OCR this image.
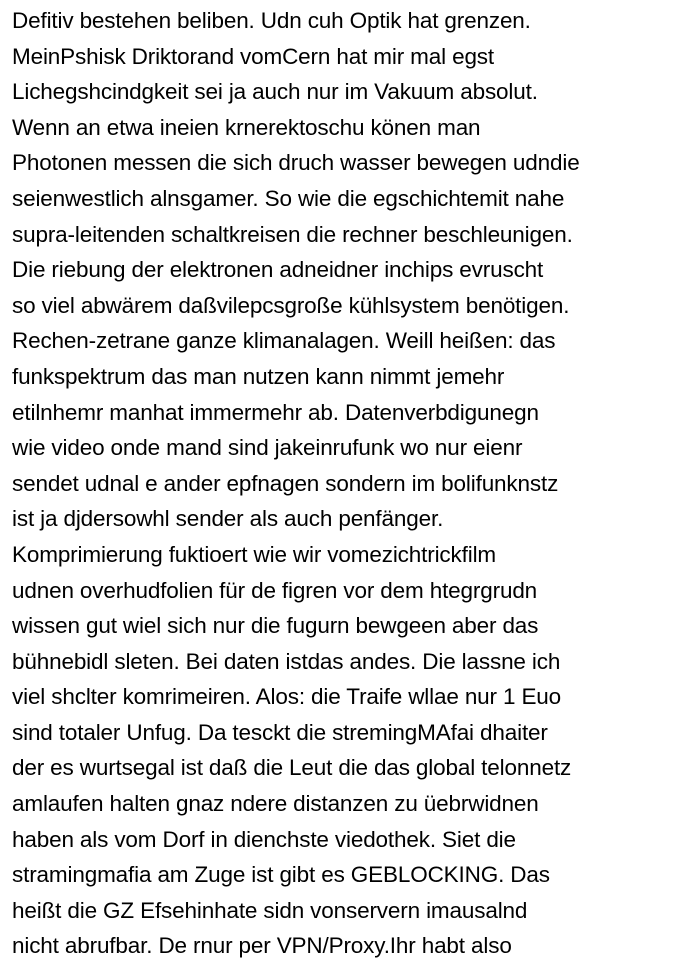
Defitiv bestehen beliben. Udn cuh Optik hat grenzen.
MeinPshisk Driktorand vomCern hat mir mal egst
Lichegshcindgkeit sei ja auch nur im Vakuum absolut.
Wenn an etwa ineien krnerektoschu könen man
Photonen messen die sich druch wasser bewegen udndie
seienwestlich alnsgamer. So wie die egschichtemit nahe
supra-leitenden schaltkreisen die rechner beschleunigen.
Die riebung der elektronen adneidner inchips evruscht
so viel abwärem daßvilepcsgroße kühlsystem benötigen.
Rechen-zetrane ganze klimanalagen. Weill heißen: das
funkspektrum das man nutzen kann nimmt jemehr
etilnhemr manhat immermehr ab. Datenverbdigunegn
wie video onde mand sind jakeinrufunk wo nur eienr
sendet udnal e ander epfnagen sondern im bolifunknstz
ist ja djdersowhl sender als auch penfänger.
Komprimierung fuktioert wie wir vomezichtrickfilm
udnen overhudfolien für de figren vor dem htegrgrudn
wissen gut wiel sich nur die fugurn bewgeen aber das
bühnebidl sleten. Bei daten istdas andes. Die lassne ich
viel shclter komrimeiren. Alos: die Traife wllae nur 1 Euo
sind totaler Unfug. Da tesckt die stremingMAfai dhaiter
der es wurtsegal ist daß die Leut die das global telonnetz
amlaufen halten gnaz ndere distanzen zu üebrwidnen
haben als vom Dorf in dienchste viedothek. Siet die
stramingmafia am Zuge ist gibt es GEBLOCKING. Das
heißt die GZ Efsehinhate sidn vonservern imausalnd
nicht abrufbar. De rnur per VPN/Proxy.Ihr habt also
